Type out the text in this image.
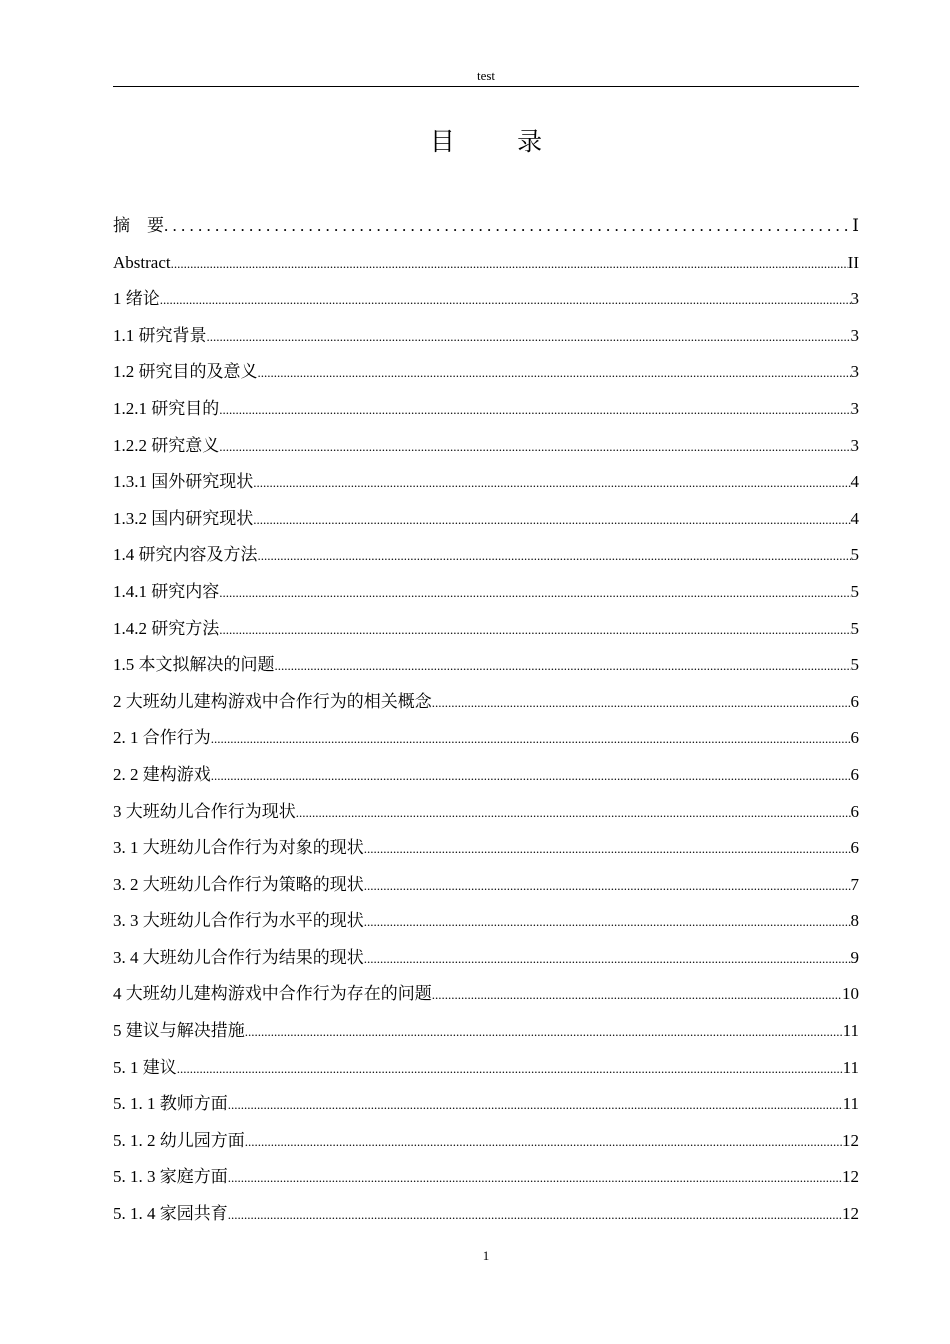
test
目 录
摘　要 . . .	Ⅰ
Abstract .....	II
1 绪论 .....	3
1.1 研究背景 .....	3
1.2 研究目的及意义 .....	3
1.2.1 研究目的 .....	3
1.2.2 研究意义 .....	3
1.3.1 国外研究现状 .....	4
1.3.2 国内研究现状 .....	4
1.4 研究内容及方法 .....	5
1.4.1 研究内容 .....	5
1.4.2 研究方法 .....	5
1.5 本文拟解决的问题 .....	5
2 大班幼儿建构游戏中合作行为的相关概念 .....	6
2. 1 合作行为 .....	6
2. 2 建构游戏 .....	6
3 大班幼儿合作行为现状 .....	6
3. 1 大班幼儿合作行为对象的现状 .....	6
3. 2 大班幼儿合作行为策略的现状 .....	7
3. 3 大班幼儿合作行为水平的现状 .....	8
3. 4 大班幼儿合作行为结果的现状 .....	9
4 大班幼儿建构游戏中合作行为存在的问题 .....	10
5 建议与解决措施 .....	11
5. 1 建议 .....	11
5. 1. 1 教师方面 .....	11
5. 1. 2 幼儿园方面 .....	12
5. 1. 3 家庭方面 .....	12
5. 1. 4 家园共育 .....	12
1
